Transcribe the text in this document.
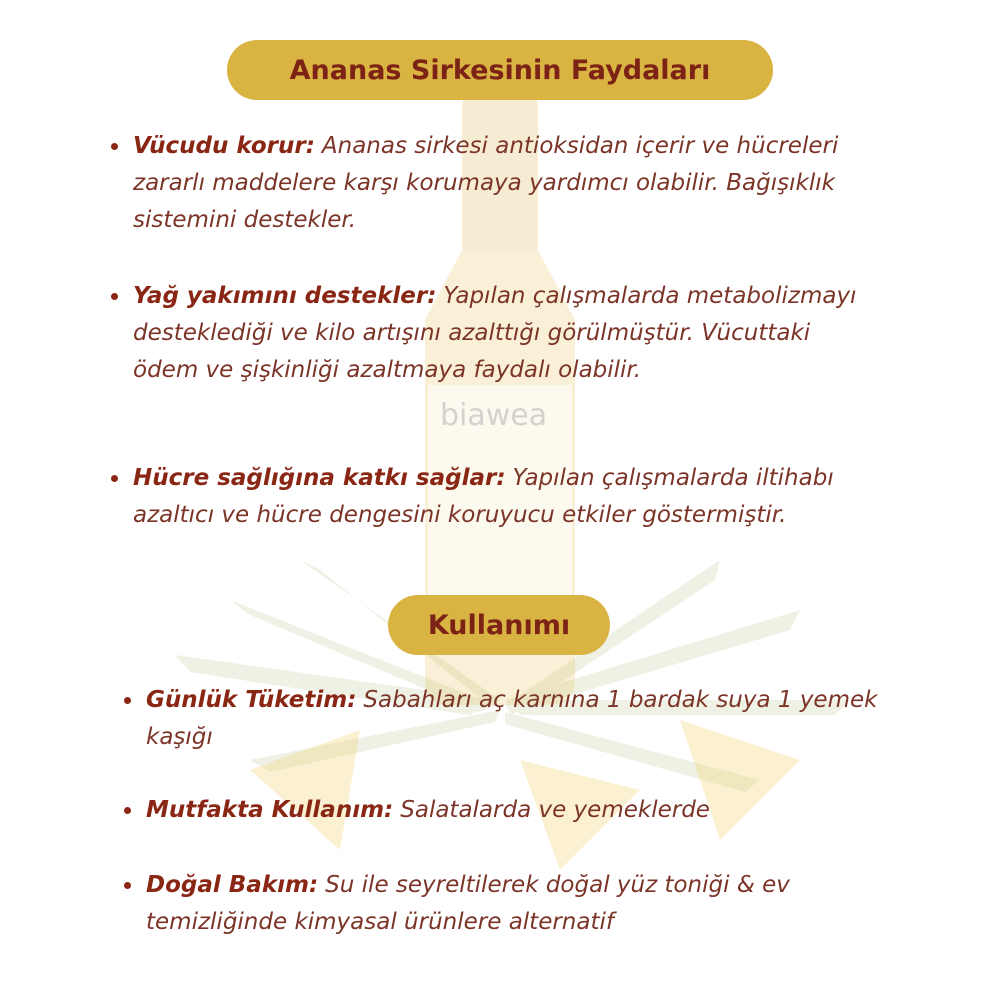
biawea
Ananas Sirkesinin Faydaları
Vücudu korur: Ananas sirkesi antioksidan içerir ve hücreleri zararlı maddelere karşı korumaya yardımcı olabilir. Bağışıklık sistemini destekler.
Yağ yakımını destekler: Yapılan çalışmalarda metabolizmayı desteklediği ve kilo artışını azalttığı görülmüştür. Vücuttaki ödem ve şişkinliği azaltmaya faydalı olabilir.
Hücre sağlığına katkı sağlar: Yapılan çalışmalarda iltihabı azaltıcı ve hücre dengesini koruyucu etkiler göstermiştir.
Kullanımı
Günlük Tüketim: Sabahları aç karnına 1 bardak suya 1 yemek kaşığı
Mutfakta Kullanım: Salatalarda ve yemeklerde
Doğal Bakım: Su ile seyreltilerek doğal yüz toniği & ev temizliğinde kimyasal ürünlere alternatif
